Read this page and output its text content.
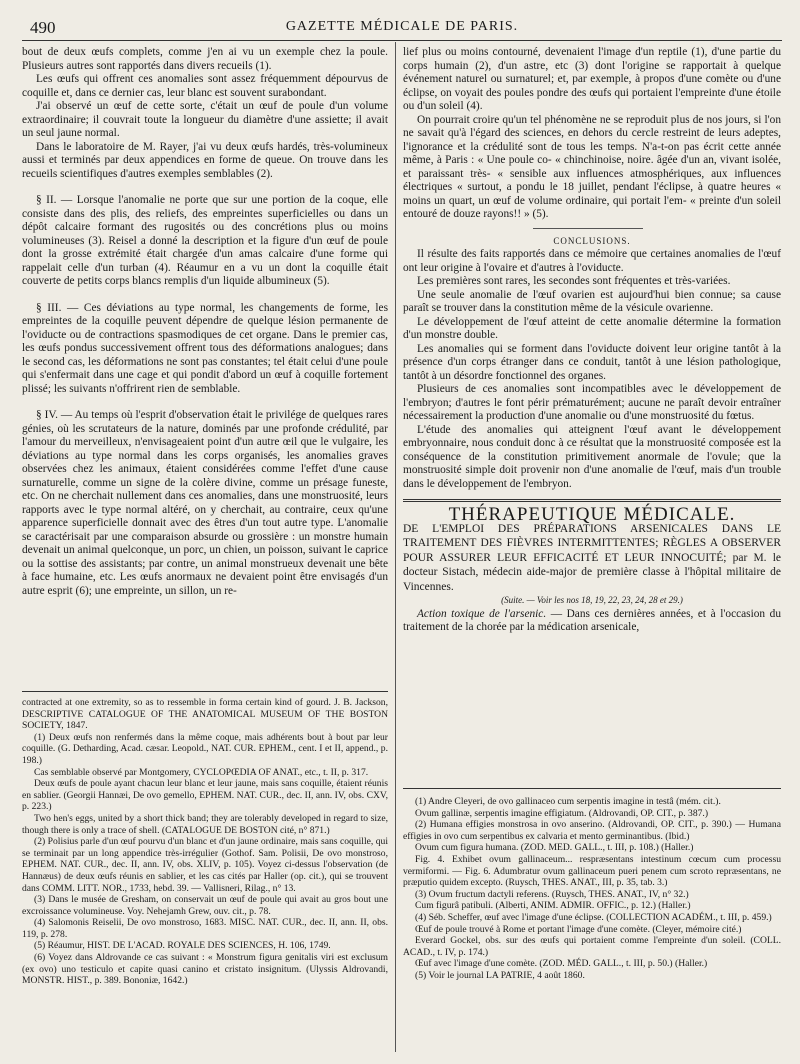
490	GAZETTE MÉDICALE DE PARIS.

bout de deux œufs complets, comme j'en ai vu un exemple chez la poule. Plusieurs autres sont rapportés dans divers recueils (1).

Les œufs qui offrent ces anomalies sont assez fréquemment dépourvus de coquille et, dans ce dernier cas, leur blanc est souvent surabondant.

J'ai observé un œuf de cette sorte, c'était un œuf de poule d'un volume extraordinaire; il couvrait toute la longueur du diamètre d'une assiette; il avait un seul jaune normal.

Dans le laboratoire de M. Rayer, j'ai vu deux œufs hardés, très-volumineux aussi et terminés par deux appendices en forme de queue. On trouve dans les recueils scientifiques d'autres exemples semblables (2).

§ II. — Lorsque l'anomalie ne porte que sur une portion de la coque, elle consiste dans des plis, des reliefs, des empreintes superficielles ou dans un dépôt calcaire formant des rugosités ou des concrétions plus ou moins volumineuses (3). Reisel a donné la description et la figure d'un œuf de poule dont la grosse extrémité était chargée d'un amas calcaire d'une forme qui rappelait celle d'un turban (4). Réaumur en a vu un dont la coquille était couverte de petits corps blancs remplis d'un liquide albumineux (5).

§ III. — Ces déviations au type normal, les changements de forme, les empreintes de la coquille peuvent dépendre de quelque lésion permanente de l'oviducte ou de contractions spasmodiques de cet organe. Dans le premier cas, les œufs pondus successivement offrent tous des déformations analogues; dans le second cas, les déformations ne sont pas constantes; tel était celui d'une poule qui s'enfermait dans une cage et qui pondit d'abord un œuf à coquille fortement plissé; les suivants n'offrirent rien de semblable.

§ IV. — Au temps où l'esprit d'observation était le privilége de quelques rares génies, où les scrutateurs de la nature, dominés par une profonde crédulité, par l'amour du merveilleux, n'envisageaient point d'un autre œil que le vulgaire, les déviations au type normal dans les corps organisés, les anomalies graves observées chez les animaux, étaient considérées comme l'effet d'une cause surnaturelle, comme un signe de la colère divine, comme un présage funeste, etc. On ne cherchait nullement dans ces anomalies, dans une monstruosité, leurs rapports avec le type normal altéré, on y cherchait, au contraire, ceux qu'une apparence superficielle donnait avec des êtres d'un tout autre type. L'anomalie se caractérisait par une comparaison absurde ou grossière : un monstre humain devenait un animal quelconque, un porc, un chien, un poisson, suivant le caprice ou la sottise des assistants; par contre, un animal monstrueux devenait une bête à face humaine, etc. Les œufs anormaux ne devaient point être envisagés d'un autre esprit (6); une empreinte, un sillon, un re-

contracted at one extremity, so as to ressemble in forma certain kind of gourd. J. B. Jackson, DESCRIPTIVE CATALOGUE OF THE ANATOMICAL MUSEUM OF THE BOSTON SOCIETY, 1847.

(1) Deux œufs non renfermés dans la même coque, mais adhérents bout à bout par leur coquille. (G. Detharding, Acad. cæsar. Leopold., NAT. CUR. EPHEM., cent. I et II, append., p. 198.)

Cas semblable observé par Montgomery, CYCLOPŒDIA OF ANAT., etc., t. II, p. 317.

Deux œufs de poule ayant chacun leur blanc et leur jaune, mais sans coquille, étaient réunis en sablier. (Georgii Hannæi, De ovo gemello, EPHEM. NAT. CUR., dec. II, ann. IV, obs. CXV, p. 223.)

Two hen's eggs, united by a short thick band; they are tolerably developed in regard to size, though there is only a trace of shell. (CATALOGUE DE BOSTON cité, n° 871.)

(2) Polisius parle d'un œuf pourvu d'un blanc et d'un jaune ordinaire, mais sans coquille, qui se terminait par un long appendice très-irrégulier (Gothof. Sam. Polisii, De ovo monstroso, EPHEM. NAT. CUR., dec. II, ann. IV, obs. XLIV, p. 105). Voyez ci-dessus l'observation (de Hannæus) de deux œufs réunis en sablier, et les cas cités par Haller (op. cit.), qui se trouvent dans COMM. LITT. NOR., 1733, hebd. 39. — Vallisneri, Rilag., n° 13.

(3) Dans le musée de Gresham, on conservait un œuf de poule qui avait au gros bout une excroissance volumineuse. Voy. Nehejamh Grew, ouv. cit., p. 78.

(4) Salomonis Reiselii, De ovo monstroso, 1683. MISC. NAT. CUR., dec. II, ann. II, obs. 119, p. 278.

(5) Réaumur, HIST. DE L'ACAD. ROYALE DES SCIENCES, H. 106, 1749.

(6) Voyez dans Aldrovande ce cas suivant : « Monstrum figura genitalis viri est exclusum (ex ovo) uno testiculo et capite quasi canino et cristato insignitum. (Ulyssis Aldrovandi, MONSTR. HIST., p. 389. Bononiæ, 1642.)

lief plus ou moins contourné, devenaient l'image d'un reptile (1), d'une partie du corps humain (2), d'un astre, etc (3) dont l'origine se rapportait à quelque événement naturel ou surnaturel; et, par exemple, à propos d'une comète ou d'une éclipse, on voyait des poules pondre des œufs qui portaient l'empreinte d'une étoile ou d'un soleil (4).

On pourrait croire qu'un tel phénomène ne se reproduit plus de nos jours, si l'on ne savait qu'à l'égard des sciences, en dehors du cercle restreint de leurs adeptes, l'ignorance et la crédulité sont de tous les temps. N'a-t-on pas écrit cette année même, à Paris : « Une poule co- « chinchinoise, noire. âgée d'un an, vivant isolée, et paraissant très- « sensible aux influences atmosphériques, aux influences électriques « surtout, a pondu le 18 juillet, pendant l'éclipse, à quatre heures « moins un quart, un œuf de volume ordinaire, qui portait l'em- « preinte d'un soleil entouré de douze rayons!! » (5).

CONCLUSIONS.

Il résulte des faits rapportés dans ce mémoire que certaines anomalies de l'œuf ont leur origine à l'ovaire et d'autres à l'oviducte.

Les premières sont rares, les secondes sont fréquentes et très-variées.

Une seule anomalie de l'œuf ovarien est aujourd'hui bien connue; sa cause paraît se trouver dans la constitution même de la vésicule ovarienne.

Le développement de l'œuf atteint de cette anomalie détermine la formation d'un monstre double.

Les anomalies qui se forment dans l'oviducte doivent leur origine tantôt à la présence d'un corps étranger dans ce conduit, tantôt à une lésion pathologique, tantôt à un désordre fonctionnel des organes.

Plusieurs de ces anomalies sont incompatibles avec le développement de l'embryon; d'autres le font périr prématurément; aucune ne paraît devoir entraîner nécessairement la production d'une anomalie ou d'une monstruosité du fœtus.

L'étude des anomalies qui atteignent l'œuf avant le développement embryonnaire, nous conduit donc à ce résultat que la monstruosité composée est la conséquence de la constitution primitivement anormale de l'ovule; que la monstruosité simple doit provenir non d'une anomalie de l'œuf, mais d'un trouble dans le développement de l'embryon.

THÉRAPEUTIQUE MÉDICALE.

DE L'EMPLOI DES PRÉPARATIONS ARSENICALES DANS LE TRAITEMENT DES FIÈVRES INTERMITTENTES; RÈGLES A OBSERVER POUR ASSURER LEUR EFFICACITÉ ET LEUR INNOCUITÉ; par M. le docteur Sistach, médecin aide-major de première classe à l'hôpital militaire de Vincennes.

(Suite. — Voir les nos 18, 19, 22, 23, 24, 28 et 29.)

Action toxique de l'arsenic. — Dans ces dernières années, et à l'occasion du traitement de la chorée par la médication arsenicale,

(1) Andre Cleyeri, de ovo gallinaceo cum serpentis imagine in testâ (mém. cit.).

Ovum gallinæ, serpentis imagine effigiatum. (Aldrovandi, OP. CIT., p. 387.)

(2) Humana effigies monstrosa in ovo anserino. (Aldrovandi, OP. CIT., p. 390.) — Humana effigies in ovo cum serpentibus ex calvaria et mento germinantibus. (Ibid.)

Ovum cum figura humana. (ZOD. MED. GALL., t. III, p. 108.) (Haller.)

Fig. 4. Exhibet ovum gallinaceum... respræsentans intestinum cœcum cum processu vermiformi. — Fig. 6. Adumbratur ovum gallinaceum pueri penem cum scroto repræsentans, ne præputio quidem excepto. (Ruysch, THES. ANAT., III, p. 35, tab. 3.)

(3) Ovum fructum dactyli referens. (Ruysch, THES. ANAT., IV, n° 32.)

Cum figurâ patibuli. (Alberti, ANIM. ADMIR. OFFIC., p. 12.) (Haller.)

(4) Séb. Scheffer, œuf avec l'image d'une éclipse. (COLLECTION ACADÉM., t. III, p. 459.)

Œuf de poule trouvé à Rome et portant l'image d'une comète. (Cleyer, mémoire cité.)

Everard Gockel, obs. sur des œufs qui portaient comme l'empreinte d'un soleil. (COLL. ACAD., t. IV, p. 174.)

Œuf avec l'image d'une comète. (ZOD. MÉD. GALL., t. III, p. 50.) (Haller.)

(5) Voir le journal LA PATRIE, 4 août 1860.
